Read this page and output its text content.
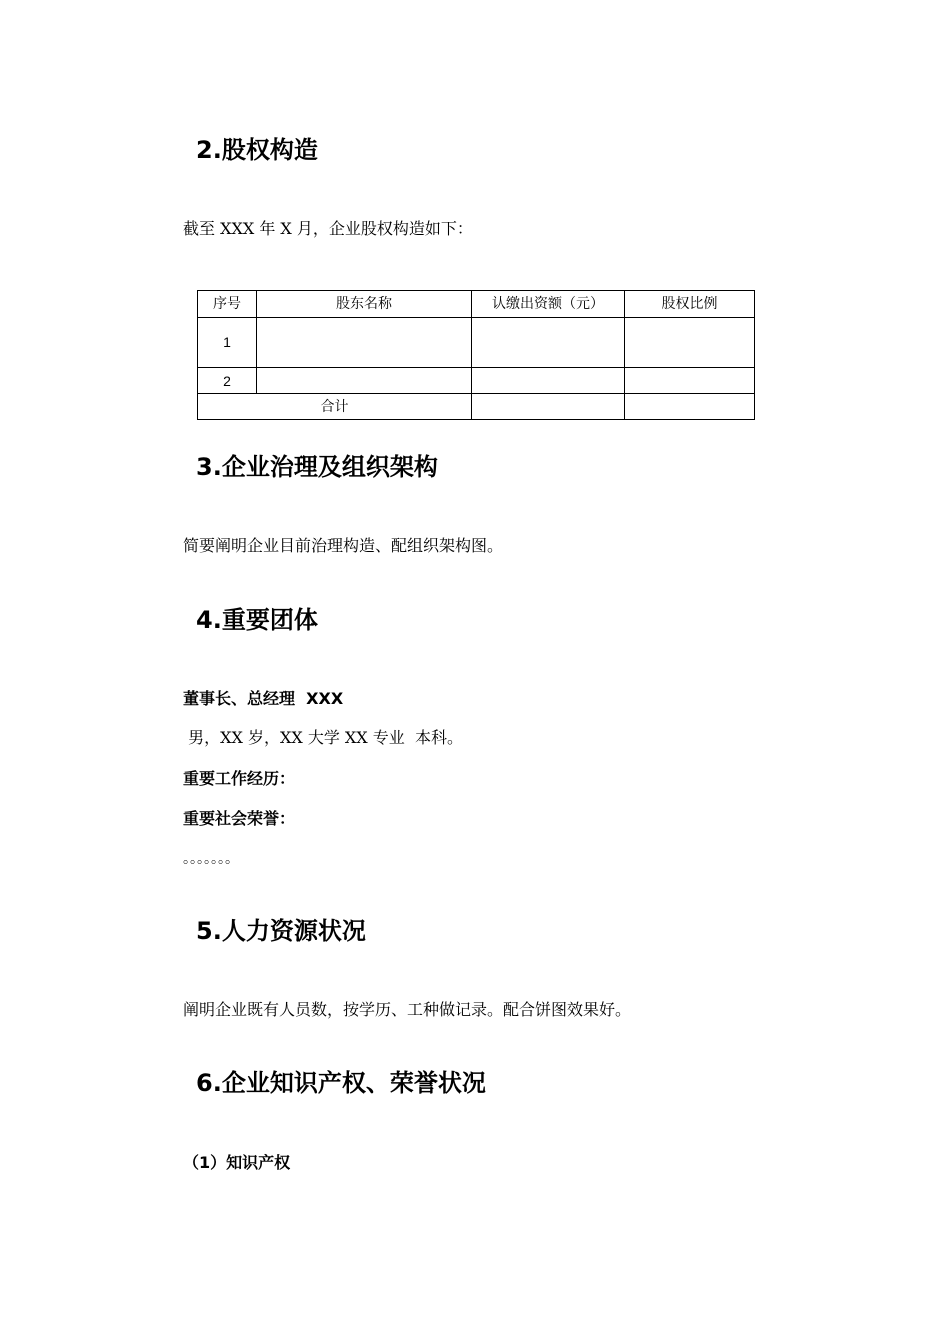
2.股权构造
截至 XXX 年 X 月，企业股权构造如下：
序号	股东名称	认缴出资额（元）	股权比例
1			
2			
合计			
3.企业治理及组织架构
简要阐明企业目前治理构造、配组织架构图。
4.重要团体
董事长、总经理  XXX
男，XX 岁，XX 大学 XX 专业  本科。
重要工作经历：
重要社会荣誉：
。。。。。。。
5.人力资源状况
阐明企业既有人员数，按学历、工种做记录。配合饼图效果好。
6.企业知识产权、荣誉状况
（1）知识产权
